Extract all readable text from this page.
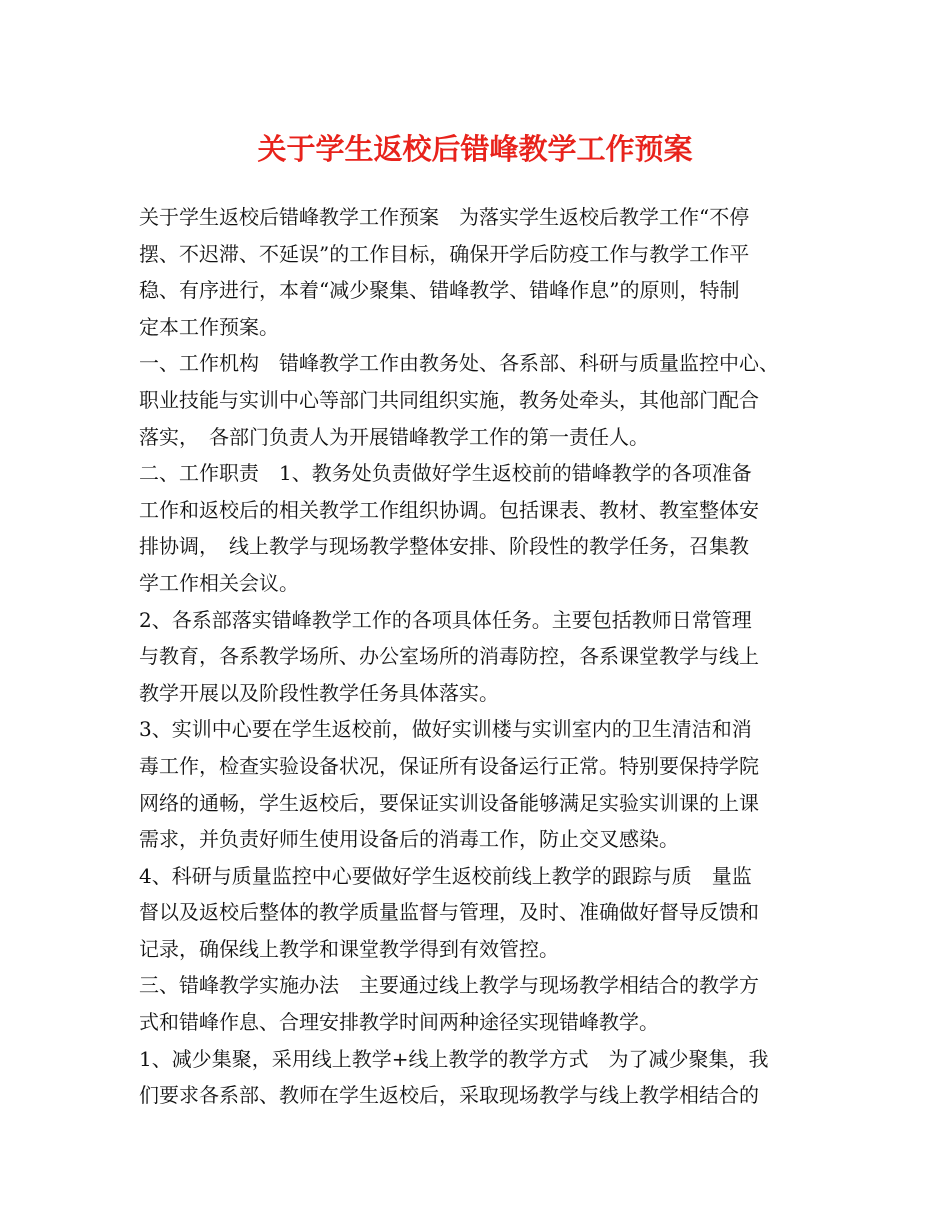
关于学生返校后错峰教学工作预案
关于学生返校后错峰教学工作预案　为落实学生返校后教学工作“不停
摆、不迟滞、不延误”的工作目标，确保开学后防疫工作与教学工作平
稳、有序进行，本着“减少聚集、错峰教学、错峰作息”的原则，特制
定本工作预案。
一、工作机构　错峰教学工作由教务处、各系部、科研与质量监控中心、
职业技能与实训中心等部门共同组织实施，教务处牵头，其他部门配合
落实，　各部门负责人为开展错峰教学工作的第一责任人。
二、工作职责　1、教务处负责做好学生返校前的错峰教学的各项准备
工作和返校后的相关教学工作组织协调。包括课表、教材、教室整体安
排协调，　线上教学与现场教学整体安排、阶段性的教学任务，召集教
学工作相关会议。
2、各系部落实错峰教学工作的各项具体任务。主要包括教师日常管理
与教育，各系教学场所、办公室场所的消毒防控，各系课堂教学与线上
教学开展以及阶段性教学任务具体落实。
3、实训中心要在学生返校前，做好实训楼与实训室内的卫生清洁和消
毒工作，检查实验设备状况，保证所有设备运行正常。特别要保持学院
网络的通畅，学生返校后，要保证实训设备能够满足实验实训课的上课
需求，并负责好师生使用设备后的消毒工作，防止交叉感染。
4、科研与质量监控中心要做好学生返校前线上教学的跟踪与质　量监
督以及返校后整体的教学质量监督与管理，及时、准确做好督导反馈和
记录，确保线上教学和课堂教学得到有效管控。
三、错峰教学实施办法　主要通过线上教学与现场教学相结合的教学方
式和错峰作息、合理安排教学时间两种途径实现错峰教学。
1、减少集聚，采用线上教学+线上教学的教学方式　为了减少聚集，我
们要求各系部、教师在学生返校后，采取现场教学与线上教学相结合的
